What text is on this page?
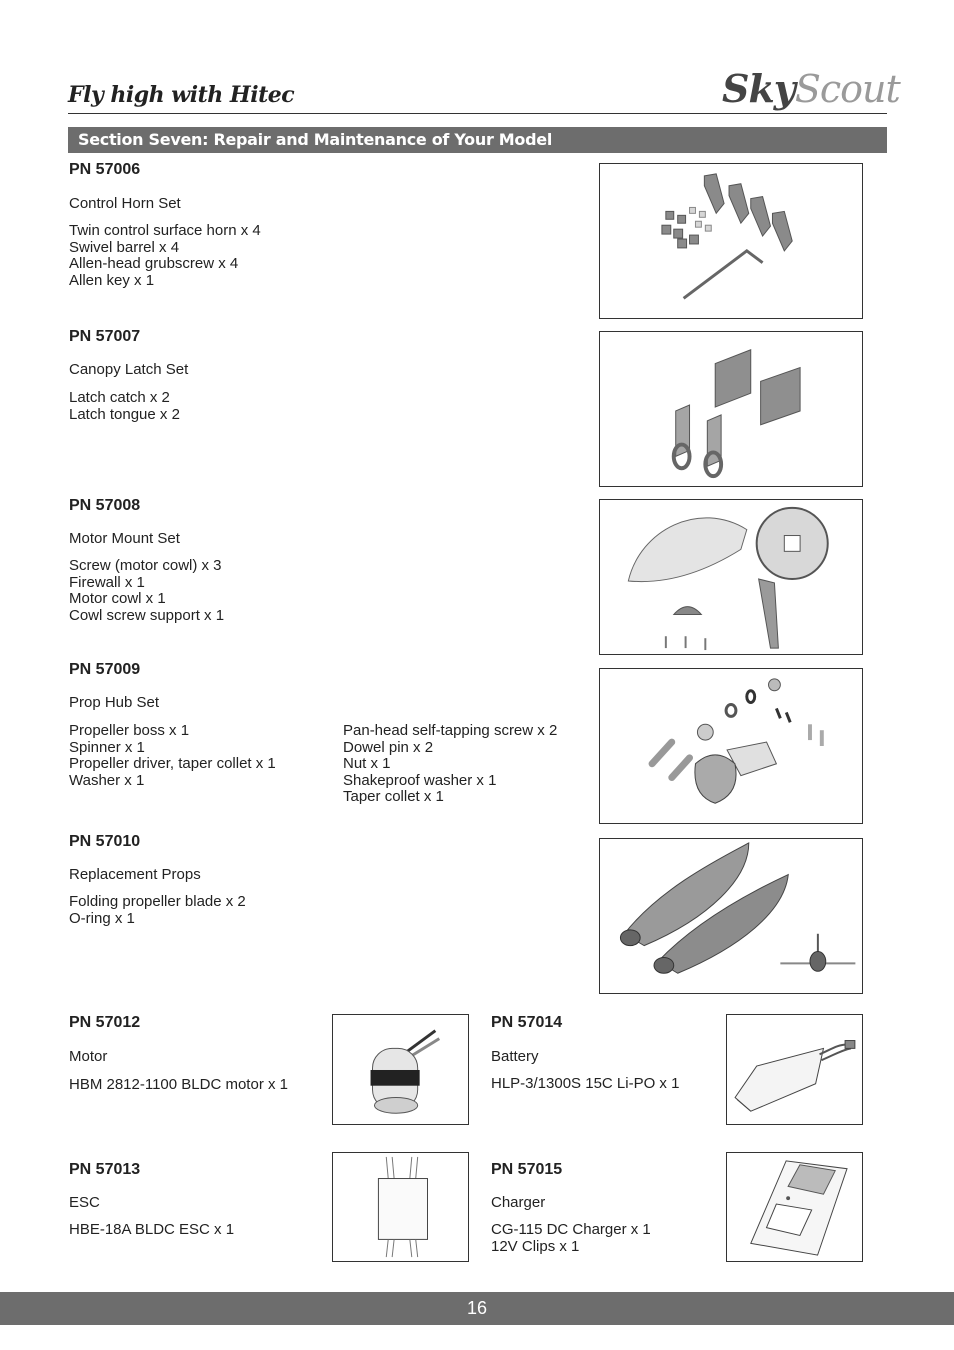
Fly high with Hitec	SkyScout
Section Seven: Repair and Maintenance of Your Model
PN 57006
Control Horn Set
Twin control surface horn x 4
Swivel barrel x 4
Allen-head grubscrew x 4
Allen key x 1
PN 57007
Canopy Latch Set
Latch catch x 2
Latch tongue x 2
PN 57008
Motor Mount Set
Screw (motor cowl) x 3
Firewall x 1
Motor cowl x 1
Cowl screw support x 1
PN 57009
Prop Hub Set
Propeller boss x 1
Spinner x 1
Propeller driver, taper collet x 1
Washer x 1
Pan-head self-tapping screw x 2
Dowel pin x 2
Nut x 1
Shakeproof washer x 1
Taper collet x 1
PN 57010
Replacement Props
Folding propeller blade x 2
O-ring x 1
PN 57012
Motor
HBM 2812-1100 BLDC motor x 1
PN 57014
Battery
HLP-3/1300S 15C Li-PO x 1
PN 57013
ESC
HBE-18A BLDC ESC x 1
PN 57015
Charger
CG-115 DC Charger x 1
12V Clips x 1
16
